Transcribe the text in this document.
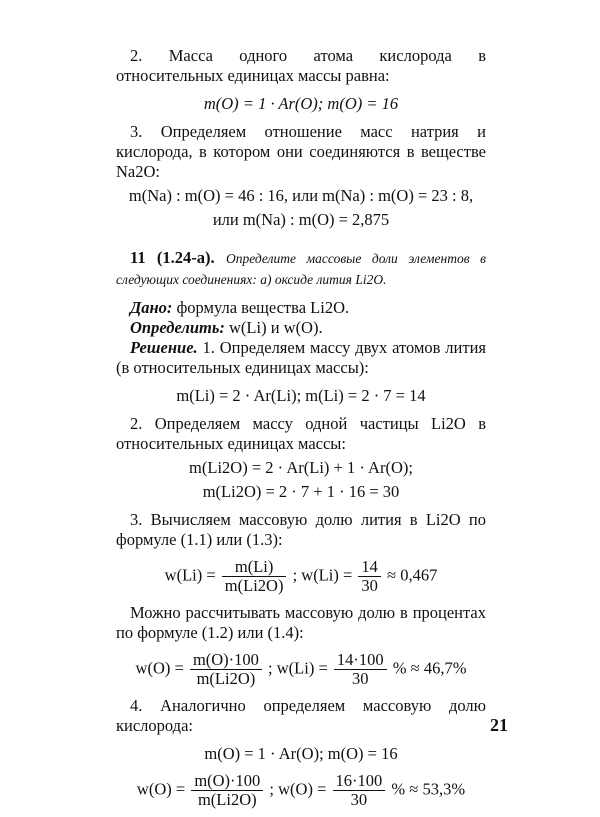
2. Масса одного атома кислорода в относительных единицах массы равна:

m(O) = 1 · Ar(O); m(O) = 16

3. Определяем отношение масс натрия и кислорода, в котором они соединяются в веществе Na2O:

m(Na) : m(O) = 46 : 16, или m(Na) : m(O) = 23 : 8,
или m(Na) : m(O) = 2,875

11 (1.24-а). Определите массовые доли элементов в следующих соединениях: а) оксиде лития Li2O.

Дано: формула вещества Li2O.

Определить: w(Li) и w(O).

Решение. 1. Определяем массу двух атомов лития (в относительных единицах массы):

m(Li) = 2 · Ar(Li); m(Li) = 2 · 7 = 14

2. Определяем массу одной частицы Li2O в относительных единицах массы:

m(Li2O) = 2 · Ar(Li) + 1 · Ar(O);
m(Li2O) = 2 · 7 + 1 · 16 = 30

3. Вычисляем массовую долю лития в Li2O по формуле (1.1) или (1.3):

$w(Li) = \frac{m(Li)}{m(Li2O)}$ ; $w(Li) = \frac{14}{30} \approx 0,467$

Можно рассчитывать массовую долю в процентах по формуле (1.2) или (1.4):

$w(O) = \frac{m(O)\cdot 100}{m(Li2O)}$ ; $w(Li) = \frac{14\cdot 100}{30}$ % ≈ 46,7%

4. Аналогично определяем массовую долю кислорода:

m(O) = 1 · Ar(O); m(O) = 16
$w(O) = \frac{m(O)\cdot 100}{m(Li2O)}$ ; $w(O) = \frac{16\cdot 100}{30}$ % ≈ 53,3%
21
